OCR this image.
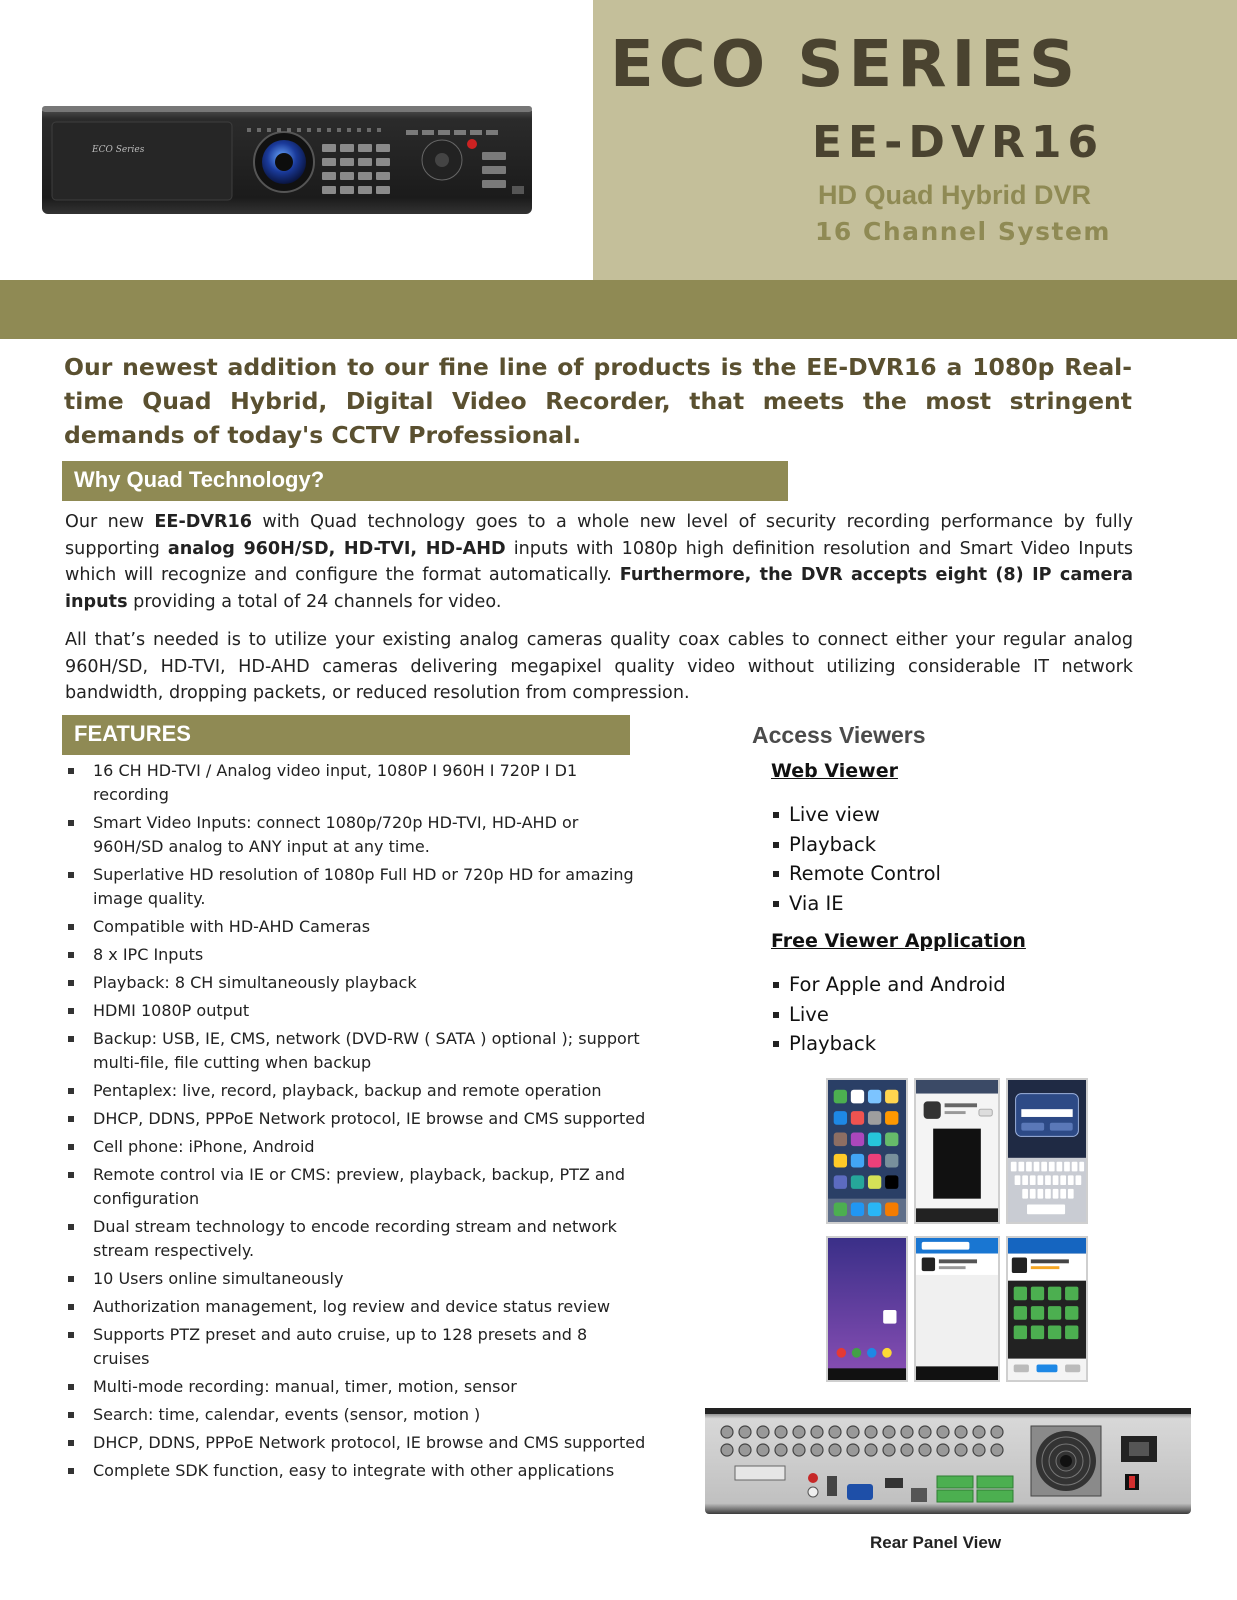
ECO SERIES
EE-DVR16
HD Quad Hybrid DVR
16 Channel System
ECO Series
Our newest addition to our fine line of products is the EE-DVR16 a 1080p Real-time Quad Hybrid, Digital Video Recorder, that meets the most stringent demands of today's CCTV Professional.
Why Quad Technology?

Our new EE-DVR16 with Quad technology goes to a whole new level of security recording performance by fully supporting analog 960H/SD, HD-TVI, HD-AHD inputs with 1080p high definition resolution and Smart Video Inputs which will recognize and configure the format automatically. Furthermore, the DVR accepts eight (8) IP camera inputs providing a total of 24 channels for video.

All that’s needed is to utilize your existing analog cameras quality coax cables to connect either your regular analog 960H/SD, HD-TVI, HD-AHD cameras delivering megapixel quality video without utilizing considerable IT network bandwidth, dropping packets, or reduced resolution from compression.

FEATURES
16 CH HD-TVI / Analog video input, 1080P I 960H I 720P I D1 recording
Smart Video Inputs: connect 1080p/720p HD-TVI, HD-AHD or 960H/SD analog to ANY input at any time.
Superlative HD resolution of 1080p Full HD or 720p HD for amazing image quality.
Compatible with HD-AHD Cameras
8 x IPC Inputs
Playback: 8 CH simultaneously playback
HDMI 1080P output
Backup: USB, IE, CMS, network (DVD-RW ( SATA ) optional ); support multi-file, file cutting when backup
Pentaplex: live, record, playback, backup and remote operation
DHCP, DDNS, PPPoE Network protocol, IE browse and CMS supported
Cell phone: iPhone, Android
Remote control via IE or CMS: preview, playback, backup, PTZ and configuration
Dual stream technology to encode recording stream and network stream respectively.
10 Users online simultaneously
Authorization management, log review and device status review
Supports PTZ preset and auto cruise, up to 128 presets and 8 cruises
Multi-mode recording: manual, timer, motion, sensor
Search: time, calendar, events (sensor, motion )
DHCP, DDNS, PPPoE Network protocol, IE browse and CMS supported
Complete SDK function, easy to integrate with other applications
Access Viewers
Web Viewer
Live view
Playback
Remote Control
Via IE
Free Viewer Application
For Apple and Android
Live
Playback
Rear Panel View
